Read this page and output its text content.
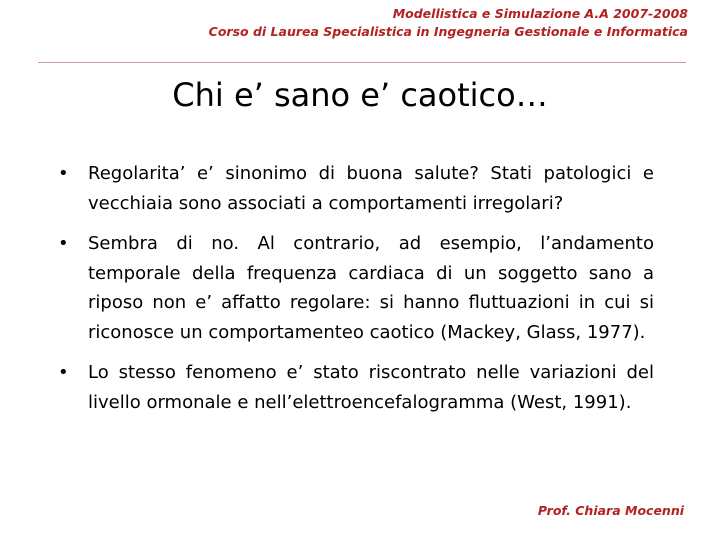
Modellistica e Simulazione A.A 2007-2008
Corso di Laurea Specialistica in Ingegneria Gestionale e Informatica
Chi e’ sano e’ caotico…
• Regolarita’ e’ sinonimo di buona salute? Stati patologici e vecchiaia sono associati a comportamenti irregolari?
• Sembra di no. Al contrario, ad esempio, l’andamento temporale della frequenza cardiaca di un soggetto sano a riposo non e’ affatto regolare: si hanno fluttuazioni in cui si riconosce un comportamenteo caotico (Mackey, Glass, 1977).
• Lo stesso fenomeno e’ stato riscontrato nelle variazioni del livello ormonale e nell’elettroencefalogramma (West, 1991).
Prof. Chiara Mocenni
